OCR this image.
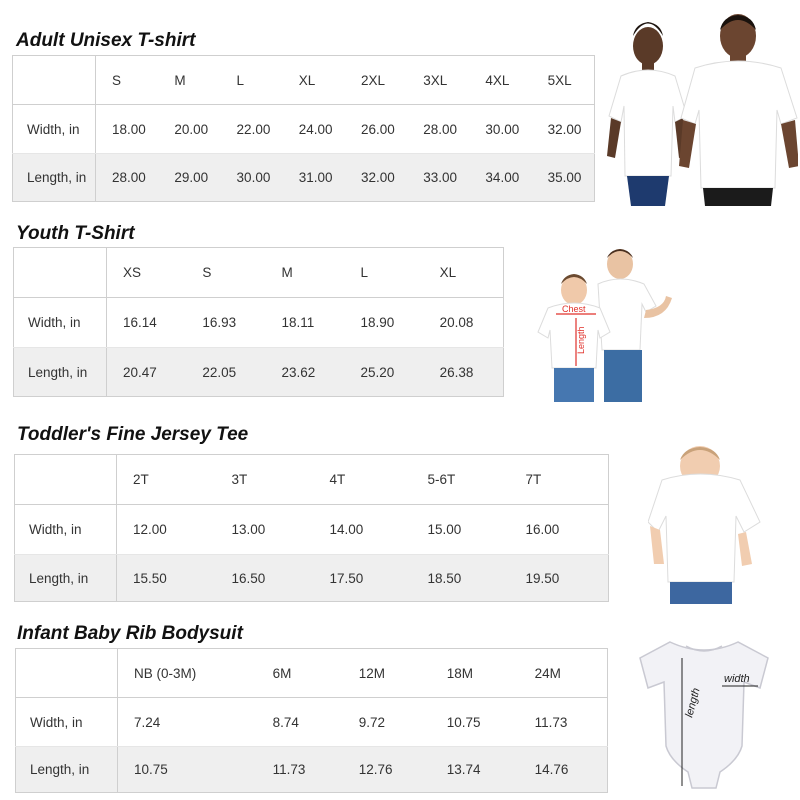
Adult Unisex T-shirt
	S	M	L	XL	2XL	3XL	4XL	5XL
Width, in	18.00	20.00	22.00	24.00	26.00	28.00	30.00	32.00
Length, in	28.00	29.00	30.00	31.00	32.00	33.00	34.00	35.00
Youth T-Shirt
	XS	S	M	L	XL
Width, in	16.14	16.93	18.11	18.90	20.08
Length, in	20.47	22.05	23.62	25.20	26.38
Chest
Length
Toddler's Fine Jersey Tee
	2T	3T	4T	5-6T	7T
Width, in	12.00	13.00	14.00	15.00	16.00
Length, in	15.50	16.50	17.50	18.50	19.50
Infant Baby Rib Bodysuit
	NB (0-3M)	6M	12M	18M	24M
Width, in	7.24	8.74	9.72	10.75	11.73
Length, in	10.75	11.73	12.76	13.74	14.76
width
length
